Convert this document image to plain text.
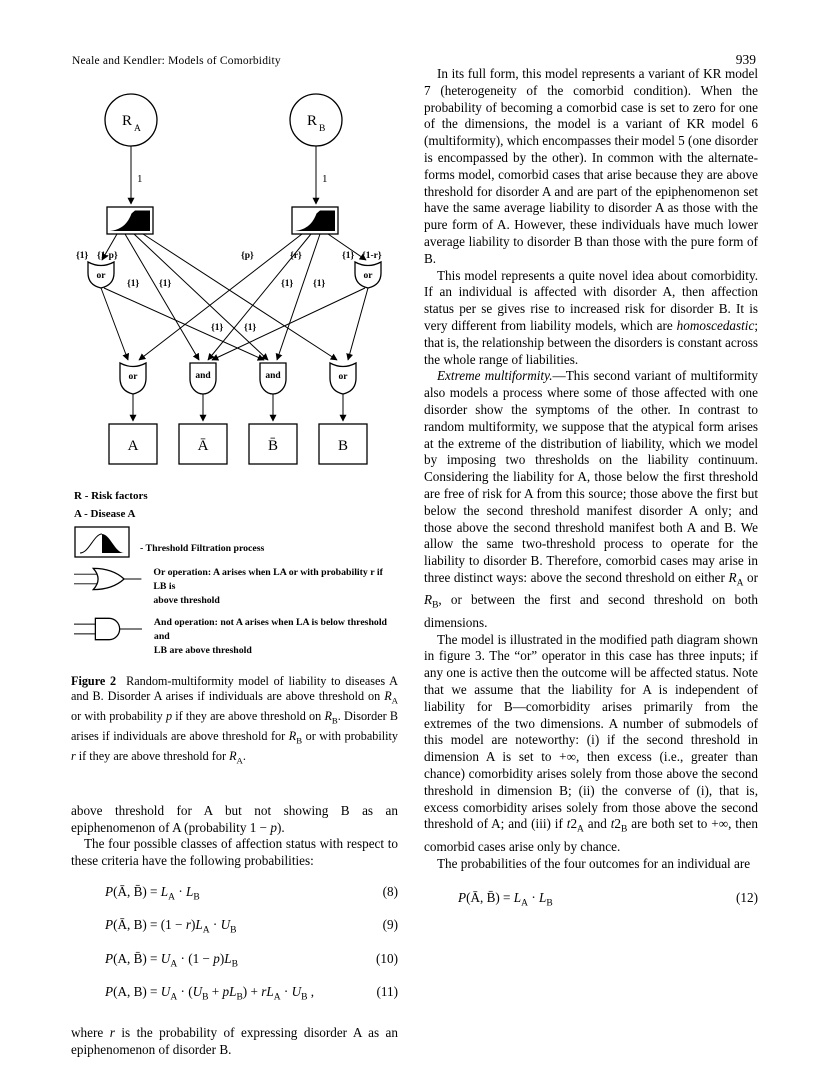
Neale and Kendler: Models of Comorbidity	939
R A	R B
1	1
{1} {1-p}	{p}	{r}	{1} {1-r}
{1} {1}	{1} {1}
{1} {1}
or	or
or	and	and	or
A	Ā	B̄	B
R - Risk factors
A - Disease A
- Threshold Filtration process
Or operation: A arises when LA or with probability r if LB is
above threshold
And operation: not A arises when LA is below threshold and
LB are above threshold
Figure 2 Random-multiformity model of liability to diseases A and B. Disorder A arises if individuals are above threshold on $R_A$ or with probability p if they are above threshold on $R_B$. Disorder B arises if individuals are above threshold for $R_B$ or with probability r if they are above threshold for $R_A$.

above threshold for A but not showing B as an epiphenomenon of A (probability 1 − p).

The four possible classes of affection status with respect to these criteria have the following probabilities:

P(Ā, B̄) = $L_A \cdot L_B$	(8)
P(Ā, $B) = (1 - r)L_A \cdot U_B$	(9)
P(A, B̄) = $U_A \cdot (1 - p)L_B$	(10)
P(A, $B) = U_A \cdot (U_B + pL_B) + rL_A \cdot U_B$ ,	(11)

where r is the probability of expressing disorder A as an epiphenomenon of disorder B.

In its full form, this model represents a variant of KR model 7 (heterogeneity of the comorbid condition). When the probability of becoming a comorbid case is set to zero for one of the dimensions, the model is a variant of KR model 6 (multiformity), which encompasses their model 5 (one disorder is encompassed by the other). In common with the alternate-forms model, comorbid cases that arise because they are above threshold for disorder A and are part of the epiphenomenon set have the same average liability to disorder A as those with the pure form of A. However, these individuals have much lower average liability to disorder B than those with the pure form of B.

This model represents a quite novel idea about comorbidity. If an individual is affected with disorder A, then affection status per se gives rise to increased risk for disorder B. It is very different from liability models, which are homoscedastic; that is, the relationship between the disorders is constant across the whole range of liabilities.

Extreme multiformity.—This second variant of multiformity also models a process where some of those affected with one disorder show the symptoms of the other. In contrast to random multiformity, we suppose that the atypical form arises at the extreme of the distribution of liability, which we model by imposing two thresholds on the liability continuum. Considering the liability for A, those below the first threshold are free of risk for A from this source; those above the first but below the second threshold manifest disorder A only; and those above the second threshold manifest both A and B. We allow the same two-threshold process to operate for the liability to disorder B. Therefore, comorbid cases may arise in three distinct ways: above the second threshold on either $R_A$ or $R_B$, or between the first and second threshold on both dimensions.

The model is illustrated in the modified path diagram shown in figure 3. The “or” operator in this case has three inputs; if any one is active then the outcome will be affected status. Note that we assume that the liability for A is independent of liability for B—comorbidity arises primarily from the extremes of the two dimensions. A number of submodels of this model are noteworthy: (i) if the second threshold in dimension A is set to +∞, then excess (i.e., greater than chance) comorbidity arises solely from those above the second threshold in dimension B; (ii) the converse of (i), that is, excess comorbidity arises solely from those above the second threshold of A; and (iii) if $t2_A$ and $t2_B$ are both set to +∞, then comorbid cases arise only by chance.

The probabilities of the four outcomes for an individual are

P(Ā, B̄) = $L_A \cdot L_B$	(12)
